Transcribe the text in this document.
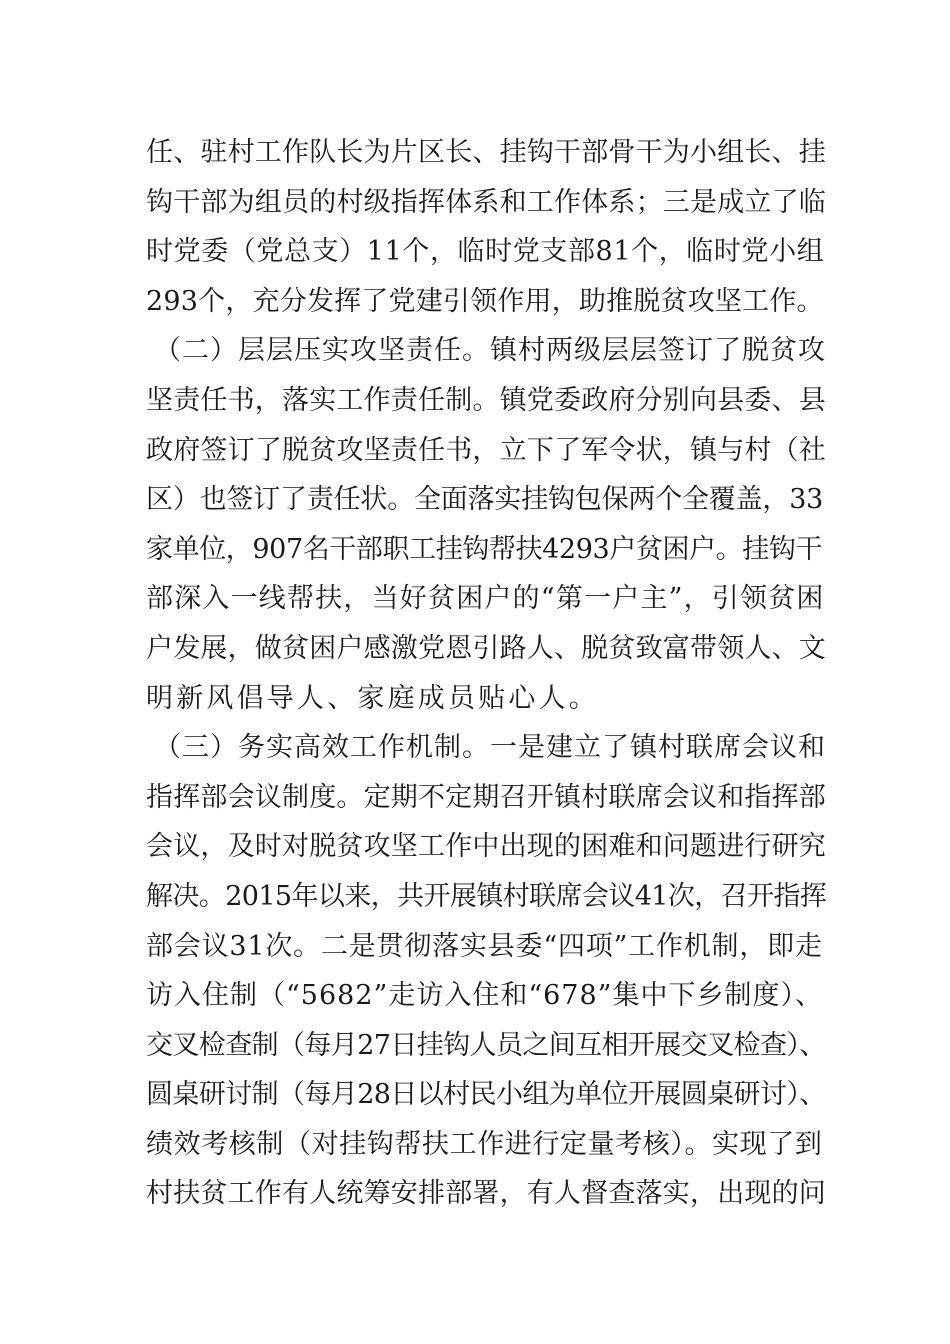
任、驻村工作队长为片区长、挂钩干部骨干为小组长、挂
钩干部为组员的村级指挥体系和工作体系；三是成立了临
时党委（党总支）11个，临时党支部81个，临时党小组
293个，充分发挥了党建引领作用，助推脱贫攻坚工作。
（二）层层压实攻坚责任。镇村两级层层签订了脱贫攻
坚责任书，落实工作责任制。镇党委政府分别向县委、县
政府签订了脱贫攻坚责任书，立下了军令状，镇与村（社
区）也签订了责任状。全面落实挂钩包保两个全覆盖，33
家单位，907名干部职工挂钩帮扶4293户贫困户。挂钩干
部深入一线帮扶，当好贫困户的“第一户主”，引领贫困
户发展，做贫困户感激党恩引路人、脱贫致富带领人、文
明新风倡导人、家庭成员贴心人。
（三）务实高效工作机制。一是建立了镇村联席会议和
指挥部会议制度。定期不定期召开镇村联席会议和指挥部
会议，及时对脱贫攻坚工作中出现的困难和问题进行研究
解决。2015年以来，共开展镇村联席会议41次，召开指挥
部会议31次。二是贯彻落实县委“四项”工作机制，即走
访入住制（“5682”走访入住和“678”集中下乡制度）、
交叉检查制（每月27日挂钩人员之间互相开展交叉检查）、
圆桌研讨制（每月28日以村民小组为单位开展圆桌研讨）、
绩效考核制（对挂钩帮扶工作进行定量考核）。实现了到
村扶贫工作有人统筹安排部署，有人督查落实，出现的问
